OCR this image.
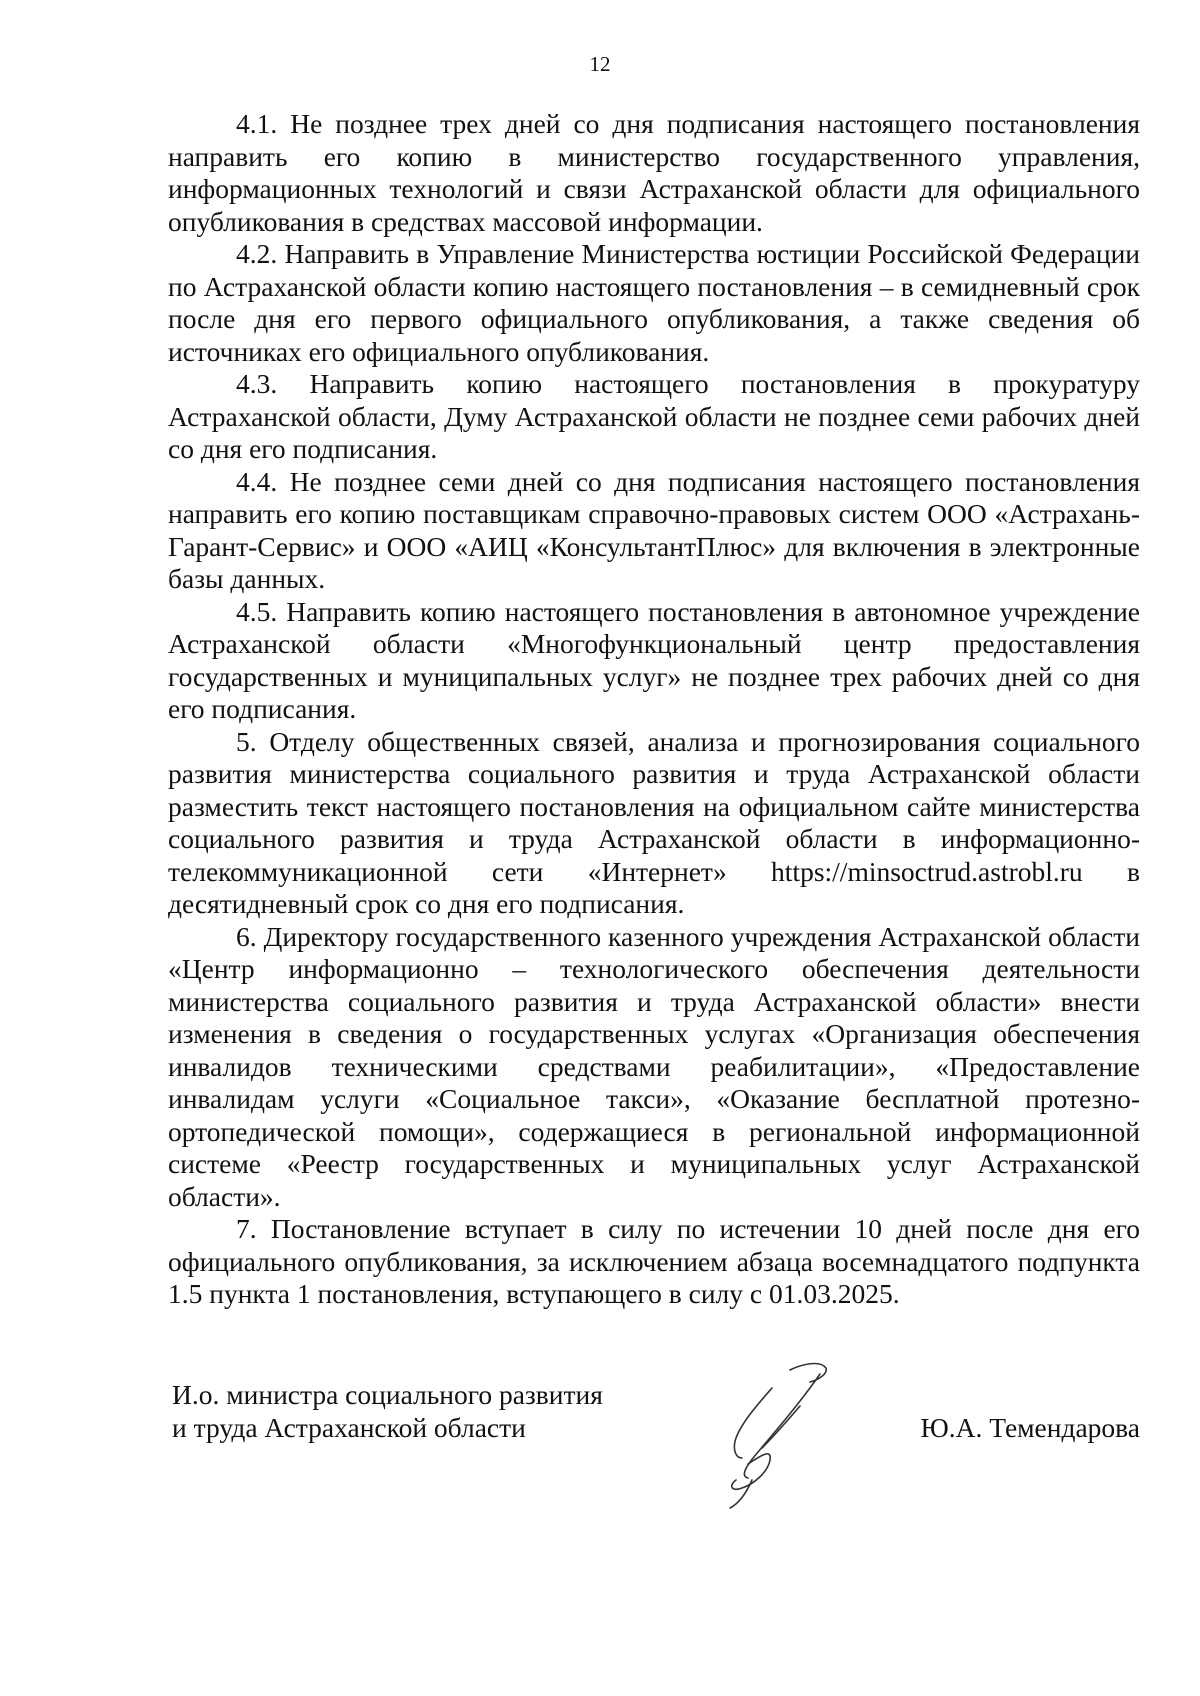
12

4.1. Не позднее трех дней со дня подписания настоящего постановления направить его копию в министерство государственного управления, информационных технологий и связи Астраханской области для официального опубликования в средствах массовой информации.

4.2. Направить в Управление Министерства юстиции Российской Федерации по Астраханской области копию настоящего постановления – в семидневный срок после дня его первого официального опубликования, а также сведения об источниках его официального опубликования.

4.3. Направить копию настоящего постановления в прокуратуру Астраханской области, Думу Астраханской области не позднее семи рабочих дней со дня его подписания.

4.4. Не позднее семи дней со дня подписания настоящего постановления направить его копию поставщикам справочно-правовых систем ООО «Астрахань-Гарант-Сервис» и ООО «АИЦ «КонсультантПлюс» для включения в электронные базы данных.

4.5. Направить копию настоящего постановления в автономное учреждение Астраханской области «Многофункциональный центр предоставления государственных и муниципальных услуг» не позднее трех рабочих дней со дня его подписания.

5. Отделу общественных связей, анализа и прогнозирования социального развития министерства социального развития и труда Астраханской области разместить текст настоящего постановления на официальном сайте министерства социального развития и труда Астраханской области в информационно-телекоммуникационной сети «Интернет» https://minsoctrud.astrobl.ru в десятидневный срок со дня его подписания.

6. Директору государственного казенного учреждения Астраханской области «Центр информационно – технологического обеспечения деятельности министерства социального развития и труда Астраханской области» внести изменения в сведения о государственных услугах «Организация обеспечения инвалидов техническими средствами реабилитации», «Предоставление инвалидам услуги «Социальное такси», «Оказание бесплатной протезно-ортопедической помощи», содержащиеся в региональной информационной системе «Реестр государственных и муниципальных услуг Астраханской области».

7. Постановление вступает в силу по истечении 10 дней после дня его официального опубликования, за исключением абзаца восемнадцатого подпункта 1.5 пункта 1 постановления, вступающего в силу с 01.03.2025.

И.о. министра социального развития
и труда Астраханской области	Ю.А. Темендарова
